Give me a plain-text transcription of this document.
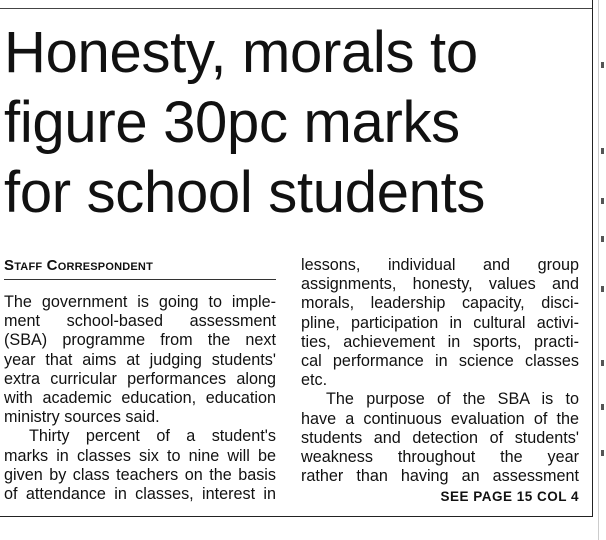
Honesty, morals to
figure 30pc marks
for school students
Staff Correspondent

The government is going to imple-
ment school-based assessment
(SBA) programme from the next
year that aims at judging students'
extra curricular performances along
with academic education, education
ministry sources said.

Thirty percent of a student's
marks in classes six to nine will be
given by class teachers on the basis
of attendance in classes, interest in

lessons, individual and group
assignments, honesty, values and
morals, leadership capacity, disci-
pline, participation in cultural activi-
ties, achievement in sports, practi-
cal performance in science classes
etc.

The purpose of the SBA is to
have a continuous evaluation of the
students and detection of students'
weakness throughout the year
rather than having an assessment

SEE PAGE 15 COL 4
